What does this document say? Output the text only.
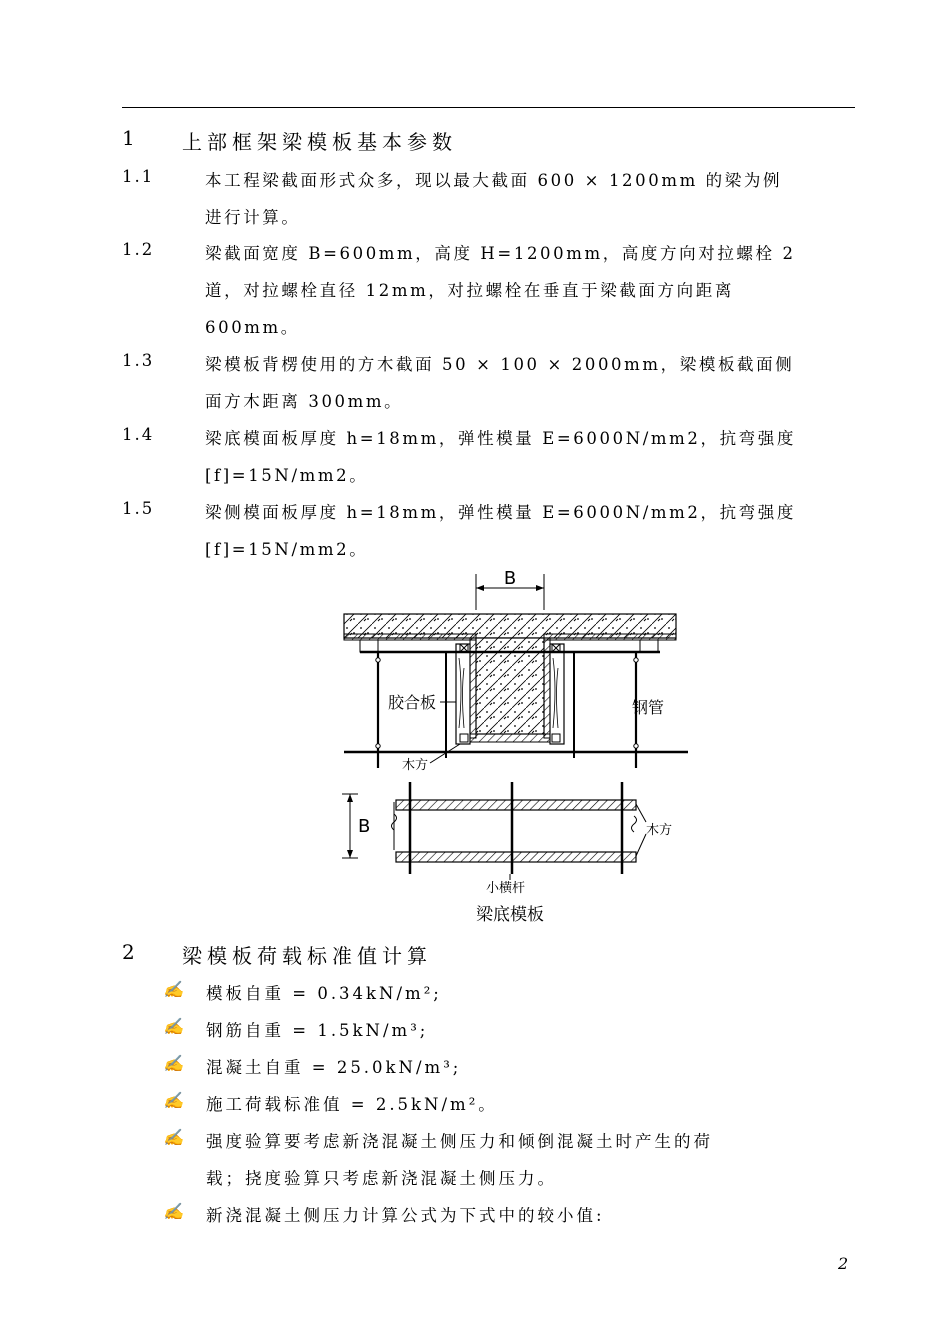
1 上部框架梁模板基本参数
1.1	本工程梁截面形式众多，现以最大截面 600 × 1200mm 的梁为例
进行计算。
1.2	梁截面宽度 B=600mm，高度 H=1200mm，高度方向对拉螺栓 2
道，对拉螺栓直径 12mm，对拉螺栓在垂直于梁截面方向距离
600mm。
1.3	梁模板背楞使用的方木截面 50 × 100 × 2000mm，梁模板截面侧
面方木距离 300mm。
1.4	梁底模面板厚度 h=18mm，弹性模量 E=6000N/mm2，抗弯强度
[f]=15N/mm2。
1.5	梁侧模面板厚度 h=18mm，弹性模量 E=6000N/mm2，抗弯强度
[f]=15N/mm2。
B
胶合板	钢管
木方
B	木方
小横杆
梁底模板
2 梁模板荷载标准值计算
✍ 模板自重 = 0.34kN/m²;
✍ 钢筋自重 = 1.5kN/m³;
✍ 混凝土自重 = 25.0kN/m³;
✍ 施工荷载标准值 = 2.5kN/m²。
✍ 强度验算要考虑新浇混凝土侧压力和倾倒混凝土时产生的荷
载；挠度验算只考虑新浇混凝土侧压力。
✍ 新浇混凝土侧压力计算公式为下式中的较小值:
2
